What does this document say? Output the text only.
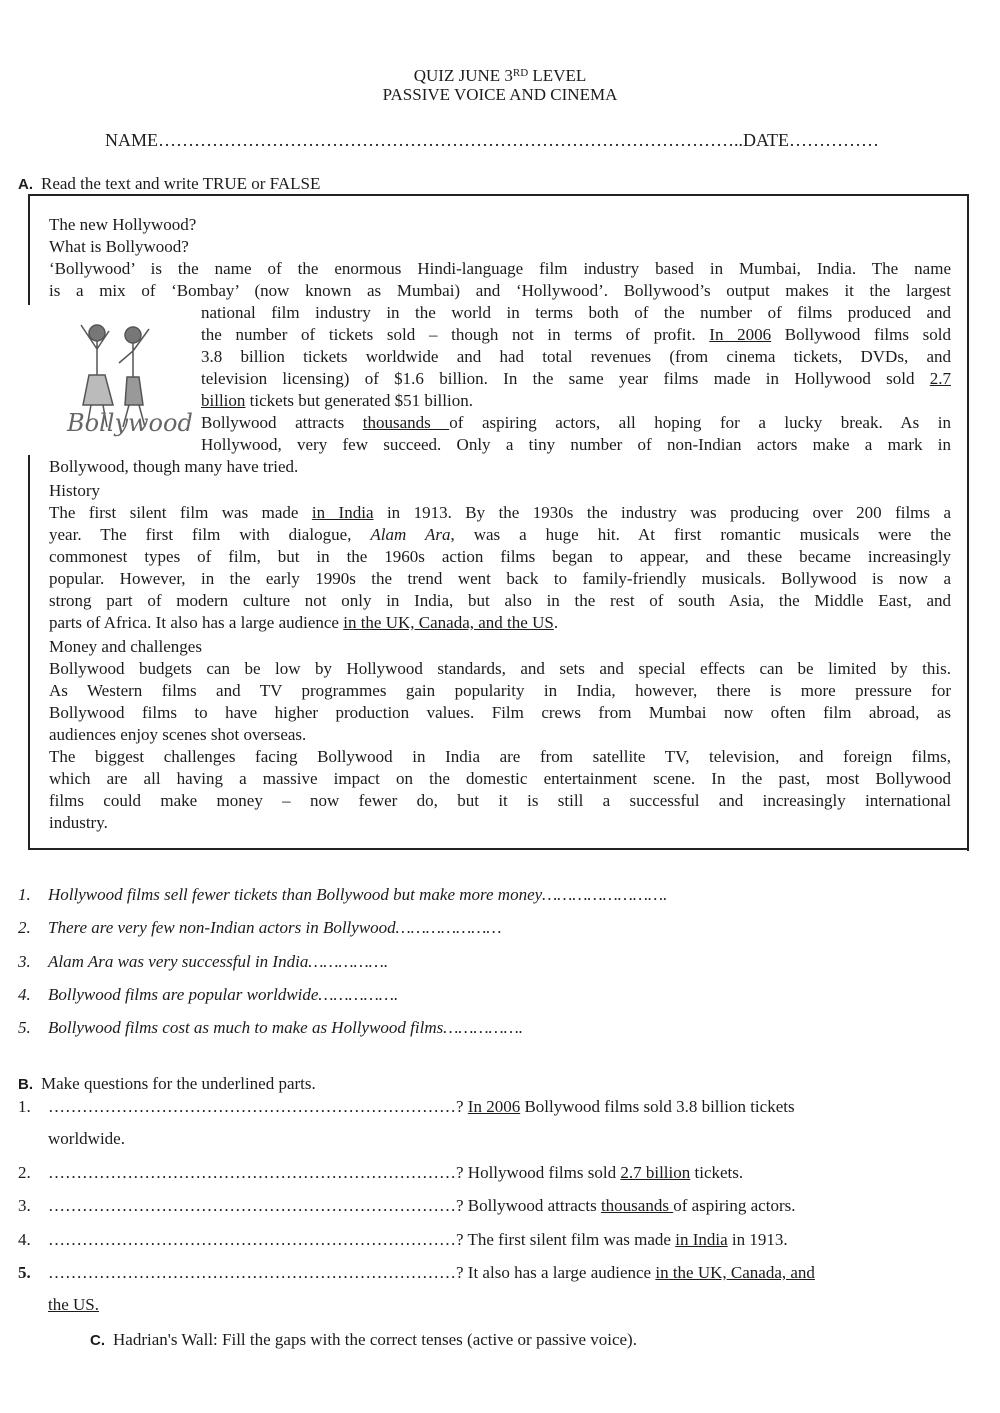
QUIZ JUNE 3RD LEVEL
PASSIVE VOICE AND CINEMA
NAME……………………………………………………………………………………..DATE……………
A. Read the text and write TRUE or FALSE
The new Hollywood?
What is Bollywood?
‘Bollywood’ is the name of the enormous Hindi-language film industry based in Mumbai, India. The name
is a mix of ‘Bombay’ (now known as Mumbai) and ‘Hollywood’. Bollywood’s output makes it the largest
Bollywood
national film industry in the world in terms both of the number of films produced and
the number of tickets sold – though not in terms of profit. In 2006 Bollywood films sold
3.8 billion tickets worldwide and had total revenues (from cinema tickets, DVDs, and
television licensing) of $1.6 billion. In the same year films made in Hollywood sold 2.7
billion tickets but generated $51 billion.
Bollywood attracts thousands of aspiring actors, all hoping for a lucky break. As in
Hollywood, very few succeed. Only a tiny number of non-Indian actors make a mark in
Bollywood, though many have tried.
History
The first silent film was made in India in 1913. By the 1930s the industry was producing over 200 films a
year. The first film with dialogue, Alam Ara, was a huge hit. At first romantic musicals were the
commonest types of film, but in the 1960s action films began to appear, and these became increasingly
popular. However, in the early 1990s the trend went back to family-friendly musicals. Bollywood is now a
strong part of modern culture not only in India, but also in the rest of south Asia, the Middle East, and
parts of Africa. It also has a large audience in the UK, Canada, and the US.
Money and challenges
Bollywood budgets can be low by Hollywood standards, and sets and special effects can be limited by this.
As Western films and TV programmes gain popularity in India, however, there is more pressure for
Bollywood films to have higher production values. Film crews from Mumbai now often film abroad, as
audiences enjoy scenes shot overseas.
The biggest challenges facing Bollywood in India are from satellite TV, television, and foreign films,
which are all having a massive impact on the domestic entertainment scene. In the past, most Bollywood
films could make money – now fewer do, but it is still a successful and increasingly international
industry.
1. Hollywood films sell fewer tickets than Bollywood but make more money…………………….
2. There are very few non-Indian actors in Bollywood…………………
3. Alam Ara was very successful in India…………….
4. Bollywood films are popular worldwide…………….
5. Bollywood films cost as much to make as Hollywood films…………….
B. Make questions for the underlined parts.
1. ………………………………………………………………? In 2006 Bollywood films sold 3.8 billion tickets
worldwide.
2. ………………………………………………………………? Hollywood films sold 2.7 billion tickets.
3. ………………………………………………………………? Bollywood attracts thousands of aspiring actors.
4. ………………………………………………………………? The first silent film was made in India in 1913.
5. ………………………………………………………………? It also has a large audience in the UK, Canada, and
the US.
C. Hadrian's Wall: Fill the gaps with the correct tenses (active or passive voice).
